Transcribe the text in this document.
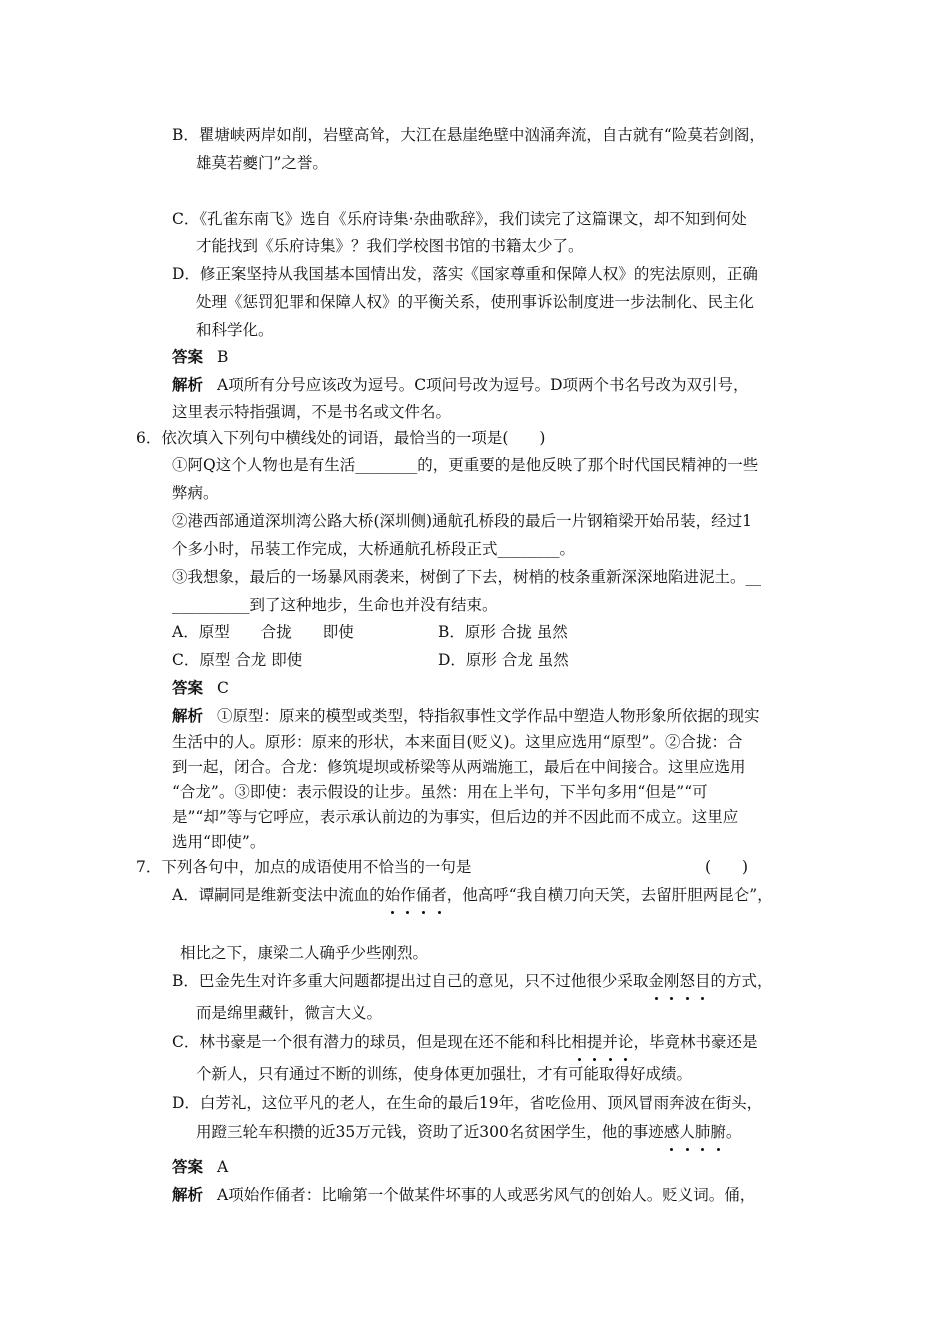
B．瞿塘峡两岸如削，岩壁高耸，大江在悬崖绝壁中汹涌奔流，自古就有“险莫若剑阁，
雄莫若夔门”之誉。
C．《孔雀东南飞》选自《乐府诗集·杂曲歌辞》，我们读完了这篇课文，却不知到何处
才能找到《乐府诗集》？我们学校图书馆的书籍太少了。
D．修正案坚持从我国基本国情出发，落实《国家尊重和保障人权》的宪法原则，正确
处理《惩罚犯罪和保障人权》的平衡关系，使刑事诉讼制度进一步法制化、民主化
和科学化。
答案 B
解析 A项所有分号应该改为逗号。C项问号改为逗号。D项两个书名号改为双引号，
这里表示特指强调，不是书名或文件名。
6．依次填入下列句中横线处的词语，最恰当的一项是(　　)
①阿Q这个人物也是有生活________的，更重要的是他反映了那个时代国民精神的一些
弊病。
②港西部通道深圳湾公路大桥(深圳侧)通航孔桥段的最后一片钢箱梁开始吊装，经过1
个多小时，吊装工作完成，大桥通航孔桥段正式________。
③我想象，最后的一场暴风雨袭来，树倒了下去，树梢的枝条重新深深地陷进泥土。__
__________到了这种地步，生命也并没有结束。
A．原型　　合拢　　即使	B．原形 合拢 虽然
C．原型 合龙 即使	D．原形 合龙 虽然
答案 C
解析 ①原型：原来的模型或类型，特指叙事性文学作品中塑造人物形象所依据的现实
生活中的人。原形：原来的形状，本来面目(贬义)。这里应选用“原型”。②合拢：合
到一起，闭合。合龙：修筑堤坝或桥梁等从两端施工，最后在中间接合。这里应选用
“合龙”。③即使：表示假设的让步。虽然：用在上半句，下半句多用“但是”“可
是”“却”等与它呼应，表示承认前边的为事实，但后边的并不因此而不成立。这里应
选用“即使”。
7．下列各句中，加点的成语使用不恰当的一句是	(　　)
A．谭嗣同是维新变法中流血的始作俑者，他高呼“我自横刀向天笑，去留肝胆两昆仑”，
相比之下，康梁二人确乎少些刚烈。
B．巴金先生对许多重大问题都提出过自己的意见，只不过他很少采取金刚怒目的方式，
而是绵里藏针，微言大义。
C．林书豪是一个很有潜力的球员，但是现在还不能和科比相提并论，毕竟林书豪还是
个新人，只有通过不断的训练，使身体更加强壮，才有可能取得好成绩。
D．白芳礼，这位平凡的老人，在生命的最后19年，省吃俭用、顶风冒雨奔波在街头，
用蹬三轮车积攒的近35万元钱，资助了近300名贫困学生，他的事迹感人肺腑。
答案 A
解析 A项始作俑者：比喻第一个做某件坏事的人或恶劣风气的创始人。贬义词。俑，
